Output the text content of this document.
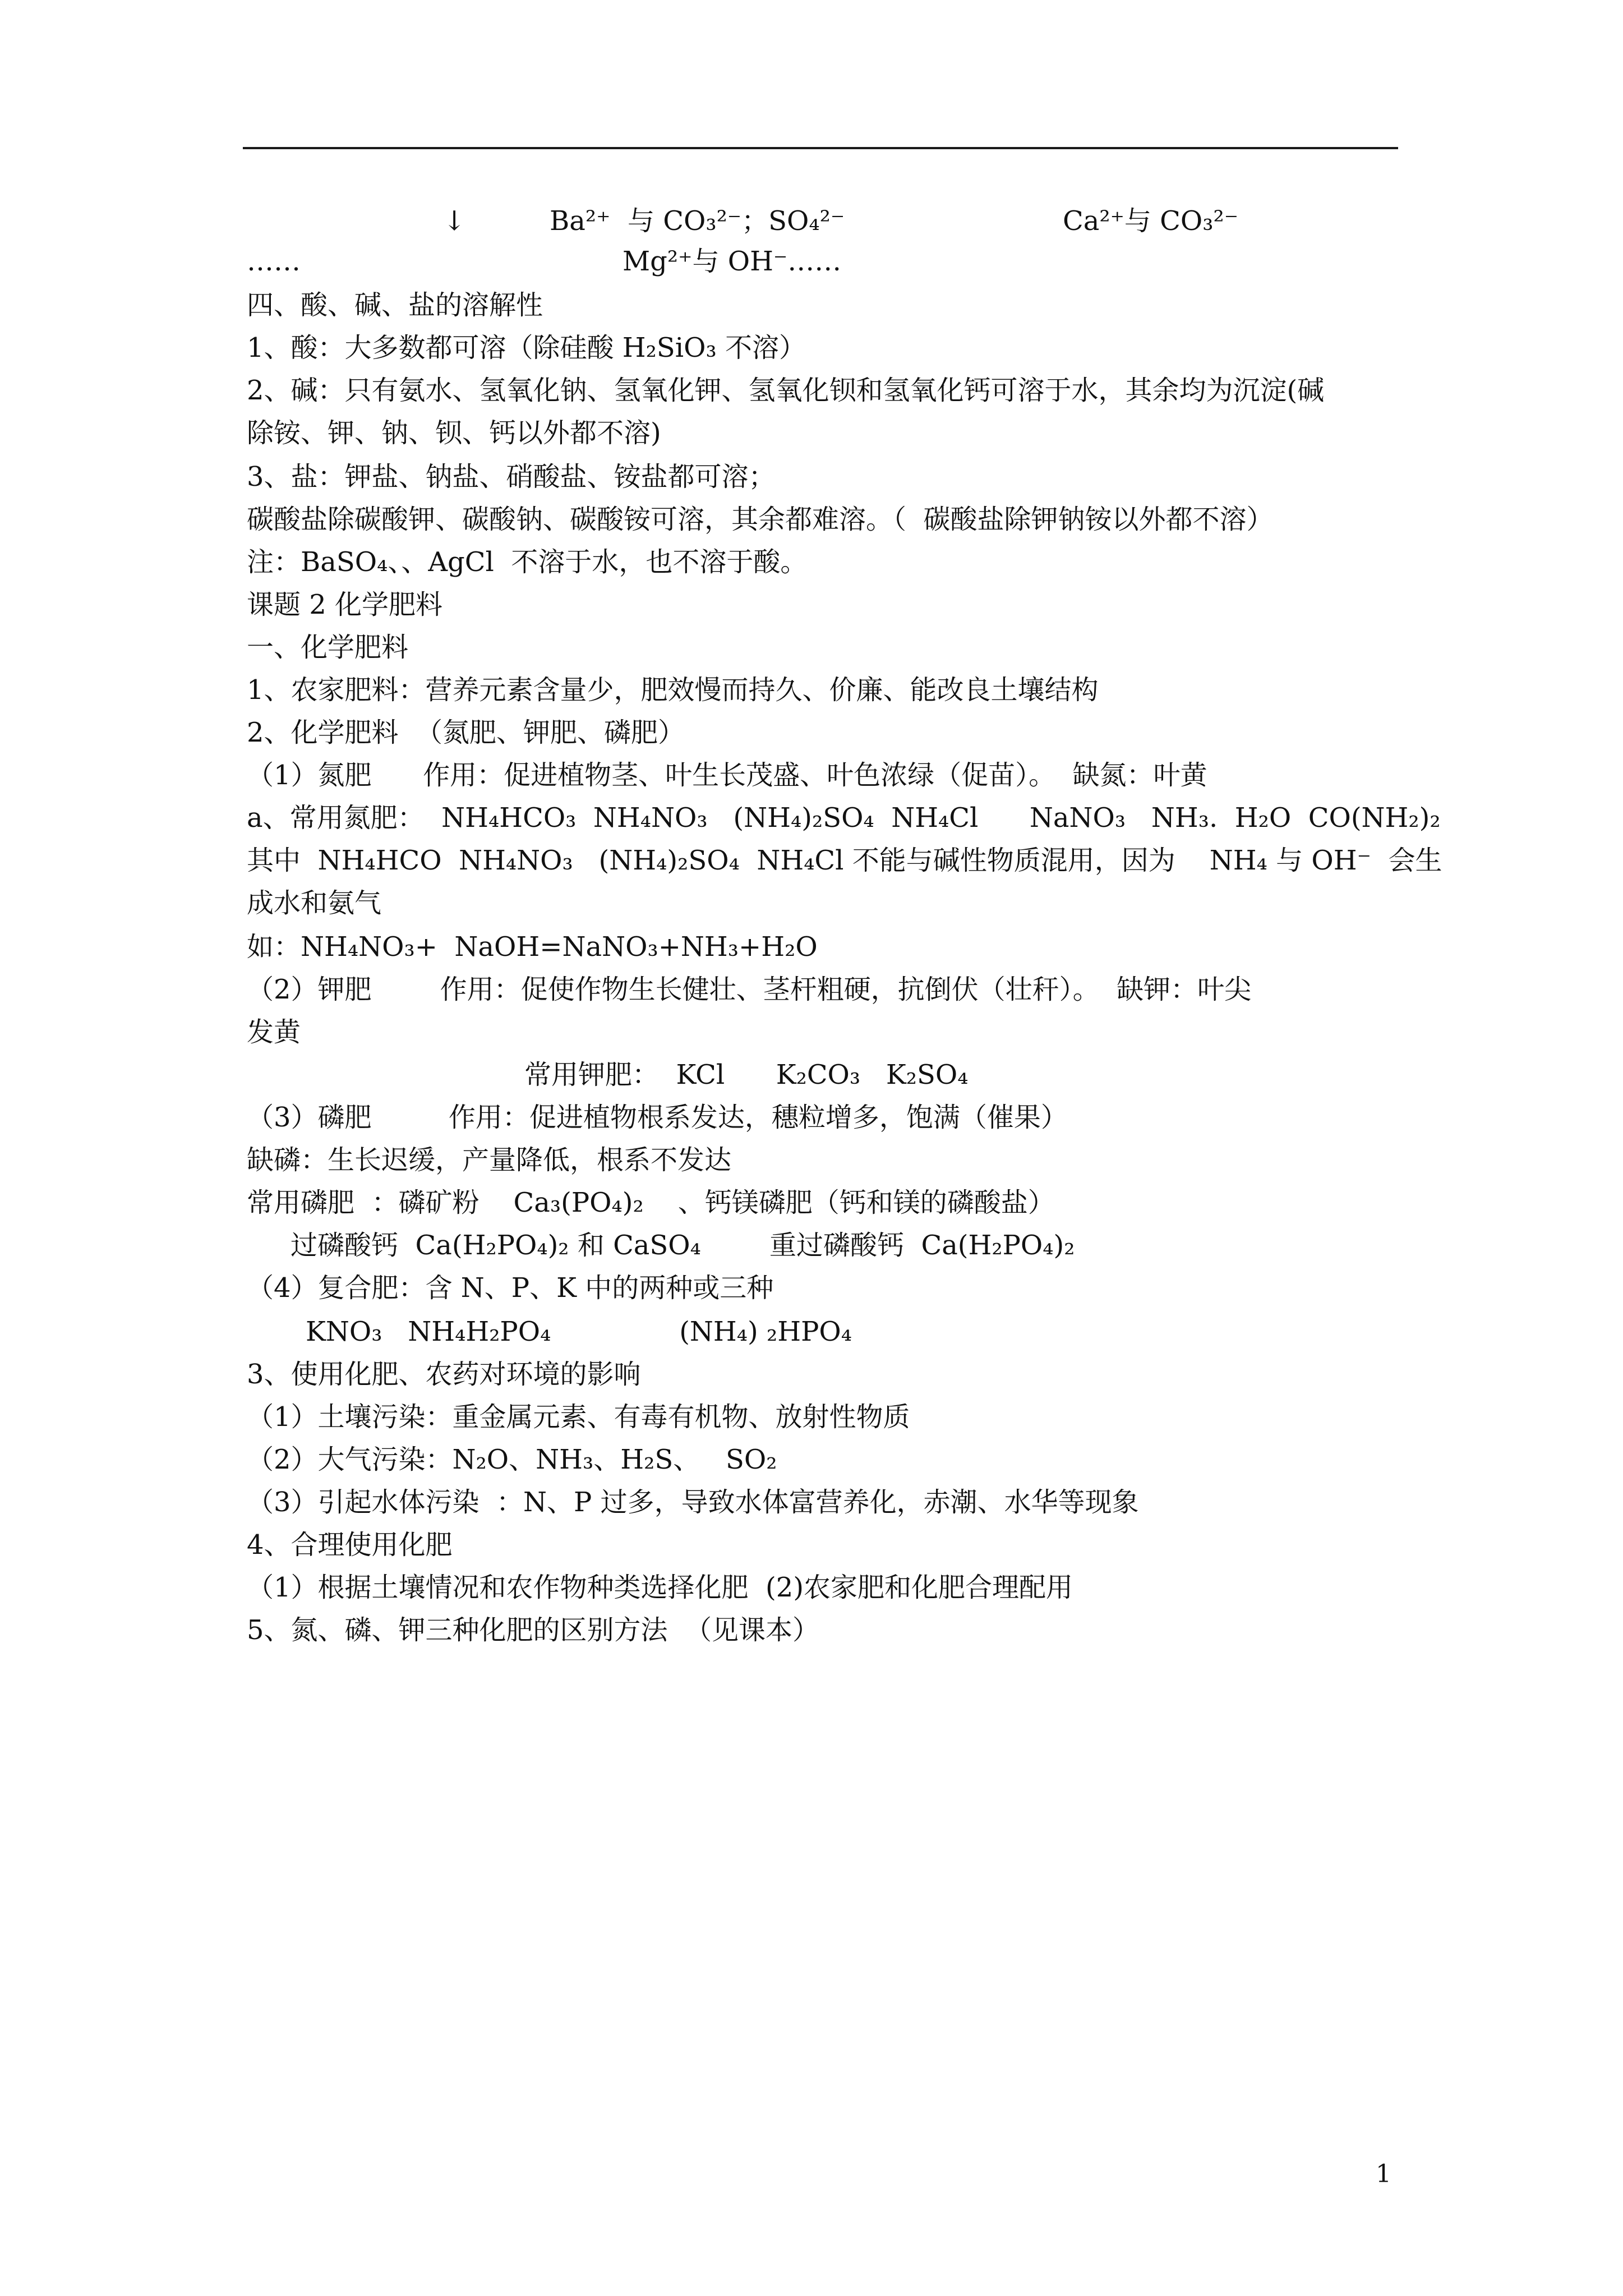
↓	Ba²⁺  与 CO₃²⁻；SO₄²⁻	Ca²⁺与 CO₃²⁻
……	Mg²⁺与 OH⁻……
四、酸、碱、盐的溶解性
1、酸：大多数都可溶（除硅酸 H₂SiO₃ 不溶）
2、碱：只有氨水、氢氧化钠、氢氧化钾、氢氧化钡和氢氧化钙可溶于水，其余均为沉淀(碱
除铵、钾、钠、钡、钙以外都不溶)
3、盐：钾盐、钠盐、硝酸盐、铵盐都可溶；
碳酸盐除碳酸钾、碳酸钠、碳酸铵可溶，其余都难溶。（  碳酸盐除钾钠铵以外都不溶）
注：BaSO₄、、AgCl  不溶于水，也不溶于酸。
课题 2 化学肥料
一、化学肥料
1、农家肥料：营养元素含量少，肥效慢而持久、价廉、能改良土壤结构
2、化学肥料  （氮肥、钾肥、磷肥）
（1）氮肥      作用：促进植物茎、叶生长茂盛、叶色浓绿（促苗）。  缺氮：叶黄
a、常用氮肥：  NH₄HCO₃  NH₄NO₃   (NH₄)₂SO₄  NH₄Cl      NaNO₃   NH₃.  H₂O  CO(NH₂)₂
其中  NH₄HCO  NH₄NO₃   (NH₄)₂SO₄  NH₄Cl 不能与碱性物质混用，因为    NH₄ 与 OH⁻  会生
成水和氨气
如：NH₄NO₃+  NaOH=NaNO₃+NH₃+H₂O
（2）钾肥        作用：促使作物生长健壮、茎杆粗硬，抗倒伏（壮秆）。  缺钾：叶尖
发黄
常用钾肥：  KCl      K₂CO₃   K₂SO₄
（3）磷肥         作用：促进植物根系发达，穗粒增多，饱满（催果）
缺磷：生长迟缓，产量降低，根系不发达
常用磷肥  ：磷矿粉    Ca₃(PO₄)₂    、钙镁磷肥（钙和镁的磷酸盐）
过磷酸钙  Ca(H₂PO₄)₂ 和 CaSO₄        重过磷酸钙  Ca(H₂PO₄)₂
（4）复合肥：含 N、P、K 中的两种或三种
KNO₃   NH₄H₂PO₄               (NH₄) ₂HPO₄
3、使用化肥、农药对环境的影响
（1）土壤污染：重金属元素、有毒有机物、放射性物质
（2）大气污染：N₂O、NH₃、H₂S、   SO₂
（3）引起水体污染  ：N、P 过多，导致水体富营养化，赤潮、水华等现象
4、合理使用化肥
（1）根据土壤情况和农作物种类选择化肥  (2)农家肥和化肥合理配用
5、氮、磷、钾三种化肥的区别方法  （见课本）
1
